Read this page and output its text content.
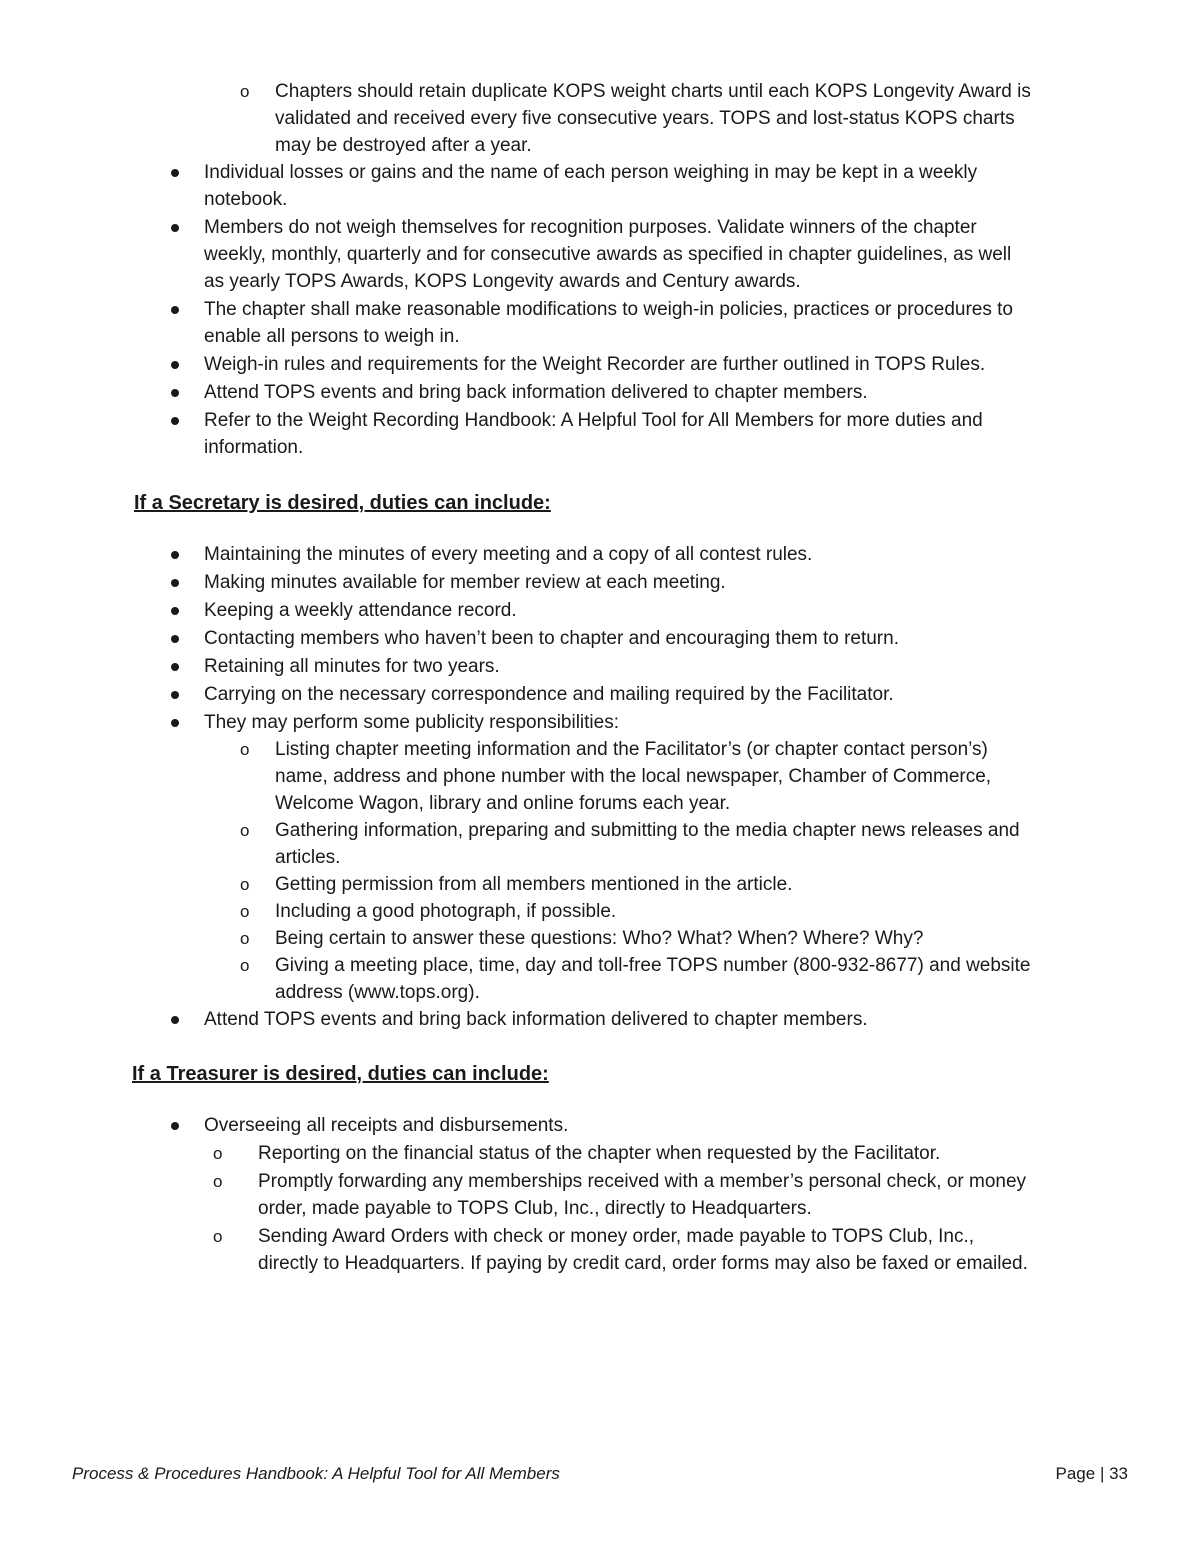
o Chapters should retain duplicate KOPS weight charts until each KOPS Longevity Award is validated and received every five consecutive years. TOPS and lost-status KOPS charts may be destroyed after a year.
Individual losses or gains and the name of each person weighing in may be kept in a weekly notebook.
Members do not weigh themselves for recognition purposes. Validate winners of the chapter weekly, monthly, quarterly and for consecutive awards as specified in chapter guidelines, as well as yearly TOPS Awards, KOPS Longevity awards and Century awards.
The chapter shall make reasonable modifications to weigh-in policies, practices or procedures to enable all persons to weigh in.
Weigh-in rules and requirements for the Weight Recorder are further outlined in TOPS Rules.
Attend TOPS events and bring back information delivered to chapter members.
Refer to the Weight Recording Handbook: A Helpful Tool for All Members for more duties and information.
If a Secretary is desired, duties can include:
Maintaining the minutes of every meeting and a copy of all contest rules.
Making minutes available for member review at each meeting.
Keeping a weekly attendance record.
Contacting members who haven’t been to chapter and encouraging them to return.
Retaining all minutes for two years.
Carrying on the necessary correspondence and mailing required by the Facilitator.
They may perform some publicity responsibilities:
o Listing chapter meeting information and the Facilitator’s (or chapter contact person’s) name, address and phone number with the local newspaper, Chamber of Commerce, Welcome Wagon, library and online forums each year.
o Gathering information, preparing and submitting to the media chapter news releases and articles.
o Getting permission from all members mentioned in the article.
o Including a good photograph, if possible.
o Being certain to answer these questions: Who? What? When? Where? Why?
o Giving a meeting place, time, day and toll-free TOPS number (800-932-8677) and website address (www.tops.org).
Attend TOPS events and bring back information delivered to chapter members.
If a Treasurer is desired, duties can include:
Overseeing all receipts and disbursements.
o Reporting on the financial status of the chapter when requested by the Facilitator.
o Promptly forwarding any memberships received with a member’s personal check, or money order, made payable to TOPS Club, Inc., directly to Headquarters.
o Sending Award Orders with check or money order, made payable to TOPS Club, Inc., directly to Headquarters. If paying by credit card, order forms may also be faxed or emailed.
Process & Procedures Handbook: A Helpful Tool for All Members	Page | 33
